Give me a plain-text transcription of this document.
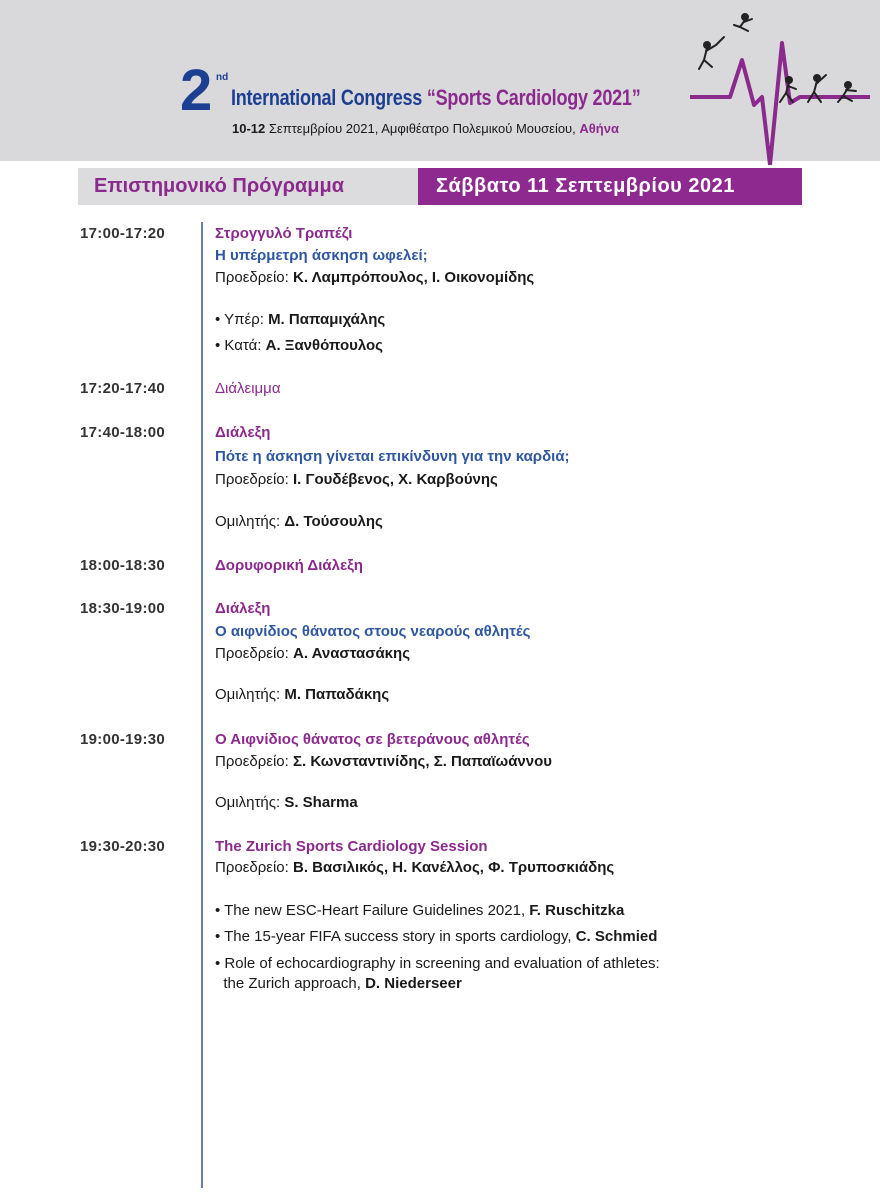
2 nd
International Congress “Sports Cardiology 2021”
10-12 Σεπτεμβρίου 2021, Αμφιθέατρο Πολεμικού Μουσείου, Αθήνα
Επιστημονικό Πρόγραμμα	Σάββατο 11 Σεπτεμβρίου 2021
17:00-17:20	Στρογγυλό Τραπέζι
Η υπέρμετρη άσκηση ωφελεί;
Προεδρείο: Κ. Λαμπρόπουλος, Ι. Οικονομίδης
• Υπέρ: Μ. Παπαμιχάλης
• Κατά: Α. Ξανθόπουλος
17:20-17:40	Διάλειμμα
17:40-18:00	Διάλεξη
Πότε η άσκηση γίνεται επικίνδυνη για την καρδιά;
Προεδρείο: Ι. Γουδέβενος, Χ. Καρβούνης
Ομιλητής: Δ. Τούσουλης
18:00-18:30	Δορυφορική Διάλεξη
18:30-19:00	Διάλεξη
Ο αιφνίδιος θάνατος στους νεαρούς αθλητές
Προεδρείο: Α. Αναστασάκης
Ομιλητής: Μ. Παπαδάκης
19:00-19:30	Ο Αιφνίδιος θάνατος σε βετεράνους αθλητές
Προεδρείο: Σ. Κωνσταντινίδης, Σ. Παπαϊωάννου
Ομιλητής: S. Sharma
19:30-20:30	The Zurich Sports Cardiology Session
Προεδρείο: Β. Βασιλικός, Η. Κανέλλος, Φ. Τρυποσκιάδης
• The new ESC-Heart Failure Guidelines 2021, F. Ruschitzka
• The 15-year FIFA success story in sports cardiology, C. Schmied
• Role of echocardiography in screening and evaluation of athletes:
the Zurich approach, D. Niederseer
